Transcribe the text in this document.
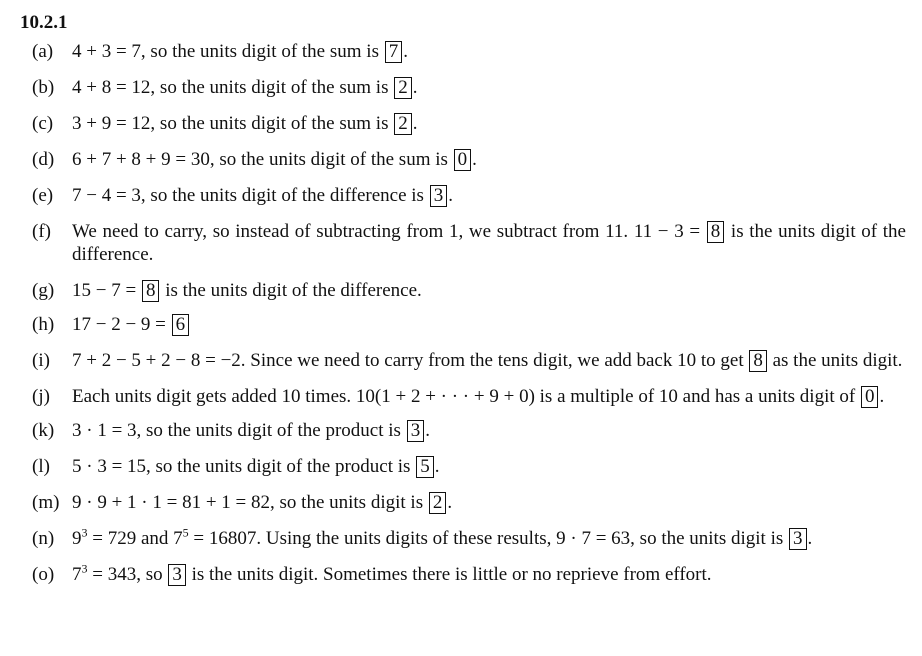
10.2.1
(a) 4 + 3 = 7, so the units digit of the sum is 7 .
(b) 4 + 8 = 12, so the units digit of the sum is 2 .
(c) 3 + 9 = 12, so the units digit of the sum is 2 .
(d) 6 + 7 + 8 + 9 = 30, so the units digit of the sum is 0 .
(e) 7 − 4 = 3, so the units digit of the difference is 3 .
(f)	We need to carry, so instead of subtracting from 1, we subtract from 11. 11 − 3 = 8 is the units digit of the difference.
(g) 15 − 7 = 8 is the units digit of the difference.
(h) 17 − 2 − 9 = 6
(i)	7 + 2 − 5 + 2 − 8 = −2. Since we need to carry from the tens digit, we add back 10 to get 8 as the units digit.
(j)	Each units digit gets added 10 times. 10(1 + 2 + · · · + 9 + 0) is a multiple of 10 and has a units digit of 0 .
(k) 3 · 1 = 3, so the units digit of the product is 3 .
(l)	5 · 3 = 15, so the units digit of the product is 5 .
(m) 9 · 9 + 1 · 1 = 81 + 1 = 82, so the units digit is 2 .
(n) $9^3 = 729$ and $7^5 = 16807$. Using the units digits of these results, 9 · 7 = 63, so the units digit is 3 .
(o) $7^3 = 343$, so 3 is the units digit. Sometimes there is little or no reprieve from effort.
